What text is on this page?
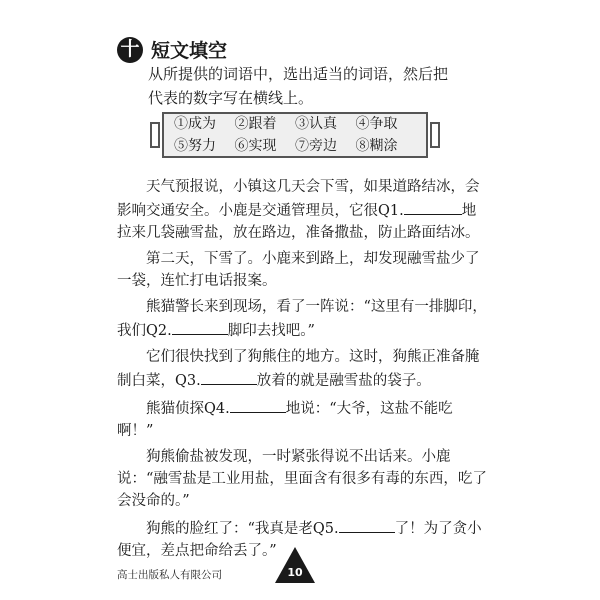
十 短文填空
从所提供的词语中，选出适当的词语，然后把代表的数字写在横线上。
①成为	②跟着	③认真	④争取
⑤努力	⑥实现	⑦旁边	⑧糊涂

天气预报说，小镇这几天会下雪，如果道路结冰，会影响交通安全。小鹿是交通管理员，它很Q1.	地拉来几袋融雪盐，放在路边，准备撒盐，防止路面结冰。

第二天，下雪了。小鹿来到路上，却发现融雪盐少了一袋，连忙打电话报案。

熊猫警长来到现场，看了一阵说：“这里有一排脚印，我们Q2.	脚印去找吧。”

它们很快找到了狗熊住的地方。这时，狗熊正准备腌制白菜，Q3.	放着的就是融雪盐的袋子。

熊猫侦探Q4.	地说：“大爷，这盐不能吃啊！”

狗熊偷盐被发现，一时紧张得说不出话来。小鹿说：“融雪盐是工业用盐，里面含有很多有毒的东西，吃了会没命的。”

狗熊的脸红了：“我真是老Q5.	了！为了贪小便宜，差点把命给丢了。”

高士出版私人有限公司	10
